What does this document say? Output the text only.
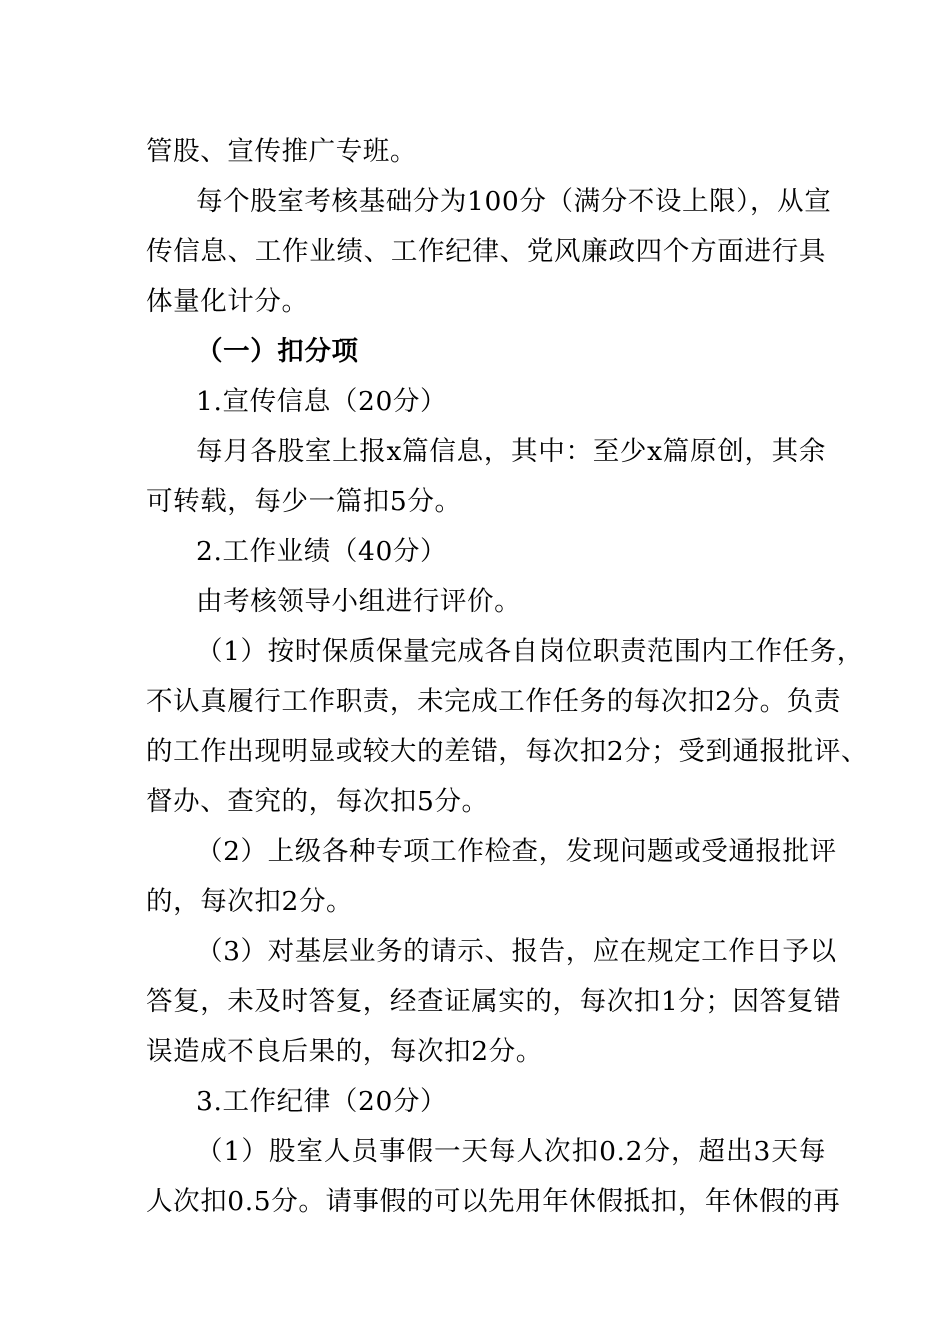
管股、宣传推广专班。
每个股室考核基础分为100分（满分不设上限），从宣
传信息、工作业绩、工作纪律、党风廉政四个方面进行具
体量化计分。
（一）扣分项
1.宣传信息（20分）
每月各股室上报x篇信息，其中：至少x篇原创，其余
可转载，每少一篇扣5分。
2.工作业绩（40分）
由考核领导小组进行评价。
（1）按时保质保量完成各自岗位职责范围内工作任务，
不认真履行工作职责，未完成工作任务的每次扣2分。负责
的工作出现明显或较大的差错，每次扣2分；受到通报批评、
督办、查究的，每次扣5分。
（2）上级各种专项工作检查，发现问题或受通报批评
的，每次扣2分。
（3）对基层业务的请示、报告，应在规定工作日予以
答复，未及时答复，经查证属实的，每次扣1分；因答复错
误造成不良后果的，每次扣2分。
3.工作纪律（20分）
（1）股室人员事假一天每人次扣0.2分，超出3天每
人次扣0.5分。请事假的可以先用年休假抵扣，年休假的再
